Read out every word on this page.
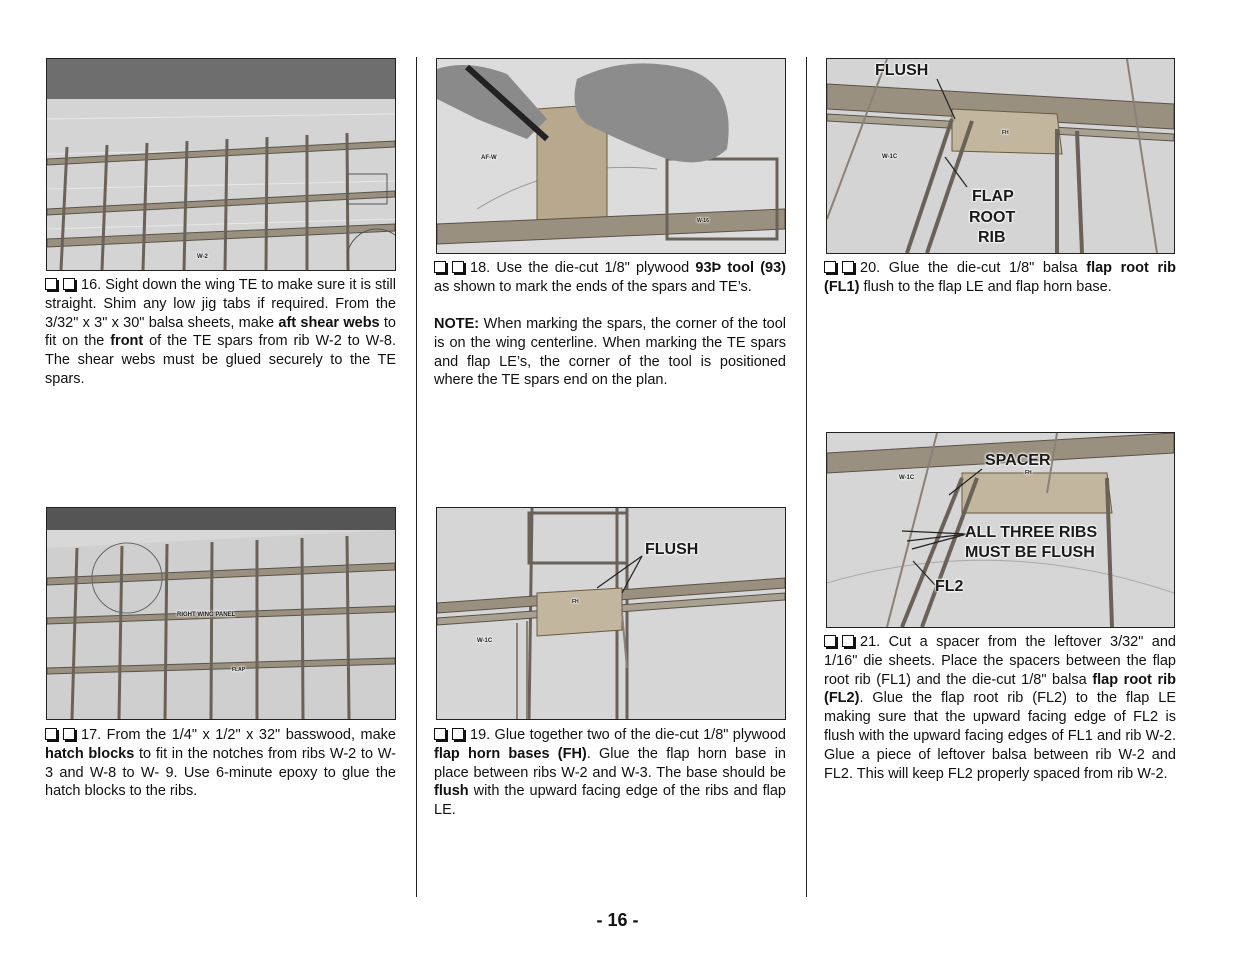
W-2
16. Sight down the wing TE to make sure it is still straight. Shim any low jig tabs if required. From the 3/32" x 3" x 30" balsa sheets, make aft shear webs to fit on the front of the TE spars from rib W-2 to W-8. The shear webs must be glued securely to the TE spars.
RIGHT WING PANEL
FLAP
17. From the 1/4" x 1/2" x 32" basswood, make hatch blocks to fit in the notches from ribs W-2 to W-3 and W-8 to W- 9. Use 6-minute epoxy to glue the hatch blocks to the ribs.
AF-W
W-16
18. Use the die-cut 1/8" plywood 93Þ tool (93) as shown to mark the ends of the spars and TE’s.
NOTE: When marking the spars, the corner of the tool is on the wing centerline. When marking the TE spars and flap LE’s, the corner of the tool is positioned where the TE spars end on the plan.
FLUSH
W-1C
FH
19. Glue together two of the die-cut 1/8" plywood flap horn bases (FH). Glue the flap horn base in place between ribs W-2 and W-3. The base should be flush with the upward facing edge of the ribs and flap LE.
FLUSH
FLAP
ROOT
RIB
W-1C
FH
20. Glue the die-cut 1/8" balsa flap root rib (FL1) flush to the flap LE and flap horn base.
SPACER
ALL THREE RIBS
MUST BE FLUSH
FL2
W-1C
FH
21. Cut a spacer from the leftover 3/32" and 1/16" die sheets. Place the spacers between the flap root rib (FL1) and the die-cut 1/8" balsa flap root rib (FL2). Glue the flap root rib (FL2) to the flap LE making sure that the upward facing edge of FL2 is flush with the upward facing edges of FL1 and rib W-2. Glue a piece of leftover balsa between rib W-2 and FL2. This will keep FL2 properly spaced from rib W-2.
- 16 -
